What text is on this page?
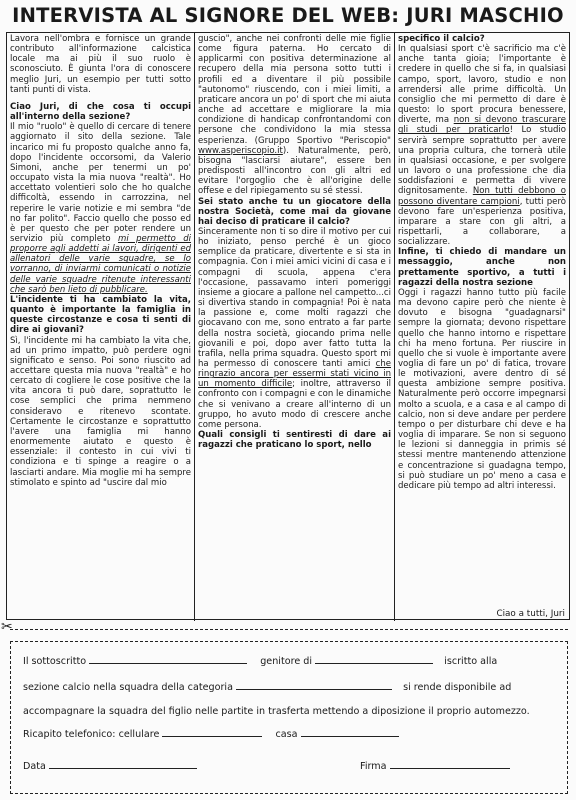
INTERVISTA AL SIGNORE DEL WEB: JURI MASCHIO

Lavora nell'ombra e fornisce un grande contributo all'informazione calcistica locale ma ai più il suo ruolo è sconosciuto. È giunta l'ora di conoscere meglio Juri, un esempio per tutti sotto tanti punti di vista.

Ciao Juri, di che cosa ti occupi all'interno della sezione?

Il mio "ruolo" è quello di cercare di tenere aggiornato il sito della sezione. Tale incarico mi fu proposto qualche anno fa, dopo l'incidente occorsomi, da Valerio Simoni, anche per tenermi un po' occupato vista la mia nuova "realtà". Ho accettato volentieri solo che ho qualche difficoltà, essendo in carrozzina, nel reperire le varie notizie e mi sembra "de no far polito". Faccio quello che posso ed è per questo che per poter rendere un servizio più completo mi permetto di proporre agli addetti ai lavori, dirigenti ed allenatori delle varie squadre, se lo vorranno, di inviarmi comunicati o notizie delle varie squadre ritenute interessanti che sarò ben lieto di pubblicare.

L'incidente ti ha cambiato la vita, quanto è importante la famiglia in queste circostanze e cosa ti senti di dire ai giovani?

Sì, l'incidente mi ha cambiato la vita che, ad un primo impatto, può perdere ogni significato e senso. Poi sono riuscito ad accettare questa mia nuova "realtà" e ho cercato di cogliere le cose positive che la vita ancora ti può dare, soprattutto le cose semplici che prima nemmeno consideravo e ritenevo scontate. Certamente le circostanze e soprattutto l'avere una famiglia mi hanno enormemente aiutato e questo è essenziale: il contesto in cui vivi ti condiziona e ti spinge a reagire o a lasciarti andare. Mia moglie mi ha sempre stimolato e spinto ad "uscire dal mio

guscio", anche nei confronti delle mie figlie come figura paterna. Ho cercato di applicarmi con positiva determinazione al recupero della mia persona sotto tutti i profili ed a diventare il più possibile "autonomo" riuscendo, con i miei limiti, a praticare ancora un po' di sport che mi aiuta anche ad accettare e migliorare la mia condizione di handicap confrontandomi con persone che condividono la mia stessa esperienza. (Gruppo Sportivo "Periscopio" www.asperiscopio.it). Naturalmente, però, bisogna "lasciarsi aiutare", essere ben predisposti all'incontro con gli altri ed evitare l'orgoglio che è all'origine delle offese e del ripiegamento su sé stessi.

Sei stato anche tu un giocatore della nostra Società, come mai da giovane hai deciso di praticare il calcio?

Sinceramente non ti so dire il motivo per cui ho iniziato, penso perché è un gioco semplice da praticare, divertente e si sta in compagnia. Con i miei amici vicini di casa e i compagni di scuola, appena c'era l'occasione, passavamo interi pomeriggi insieme a giocare a pallone nel campetto...ci si divertiva stando in compagnia! Poi è nata la passione e, come molti ragazzi che giocavano con me, sono entrato a far parte della nostra società, giocando prima nelle giovanili e poi, dopo aver fatto tutta la trafila, nella prima squadra. Questo sport mi ha permesso di conoscere tanti amici che ringrazio ancora per essermi stati vicino in un momento difficile; inoltre, attraverso il confronto con i compagni e con le dinamiche che si venivano a creare all'interno di un gruppo, ho avuto modo di crescere anche come persona.

Quali consigli ti sentiresti di dare ai ragazzi che praticano lo sport, nello

specifico il calcio?

In qualsiasi sport c'è sacrificio ma c'è anche tanta gioia; l'importante è credere in quello che si fa, in qualsiasi campo, sport, lavoro, studio e non arrendersi alle prime difficoltà. Un consiglio che mi permetto di dare è questo: lo sport procura benessere, diverte, ma non si devono trascurare gli studi per praticarlo! Lo studio servirà sempre soprattutto per avere una propria cultura, che tornerà utile in qualsiasi occasione, e per svolgere un lavoro o una professione che dia soddisfazioni e permetta di vivere dignitosamente. Non tutti debbono o possono diventare campioni, tutti però devono fare un'esperienza positiva, imparare a stare con gli altri, a rispettarli, a collaborare, a socializzare.

Infine, ti chiedo di mandare un messaggio, anche non prettamente sportivo, a tutti i ragazzi della nostra sezione

Oggi i ragazzi hanno tutto più facile ma devono capire però che niente è dovuto e bisogna "guadagnarsi" sempre la giornata; devono rispettare quello che hanno intorno e rispettare chi ha meno fortuna. Per riuscire in quello che si vuole è importante avere voglia di fare un po' di fatica, trovare le motivazioni, avere dentro di sé questa ambizione sempre positiva. Naturalmente però occorre impegnarsi molto a scuola, e a casa e al campo di calcio, non si deve andare per perdere tempo o per disturbare chi deve e ha voglia di imparare. Se non si seguono le lezioni si danneggia in primis sé stessi mentre mantenendo attenzione e concentrazione si guadagna tempo, si può studiare un po' meno a casa e dedicare più tempo ad altri interessi.

Ciao a tutti, Juri
✂
Il sottoscritto	genitore di	iscritto alla
sezione calcio nella squadra della categoria	si rende disponibile ad
accompagnare la squadra del figlio nelle partite in trasferta mettendo a diposizione il proprio automezzo.
Ricapito telefonico: cellulare	casa
Data	Firma
